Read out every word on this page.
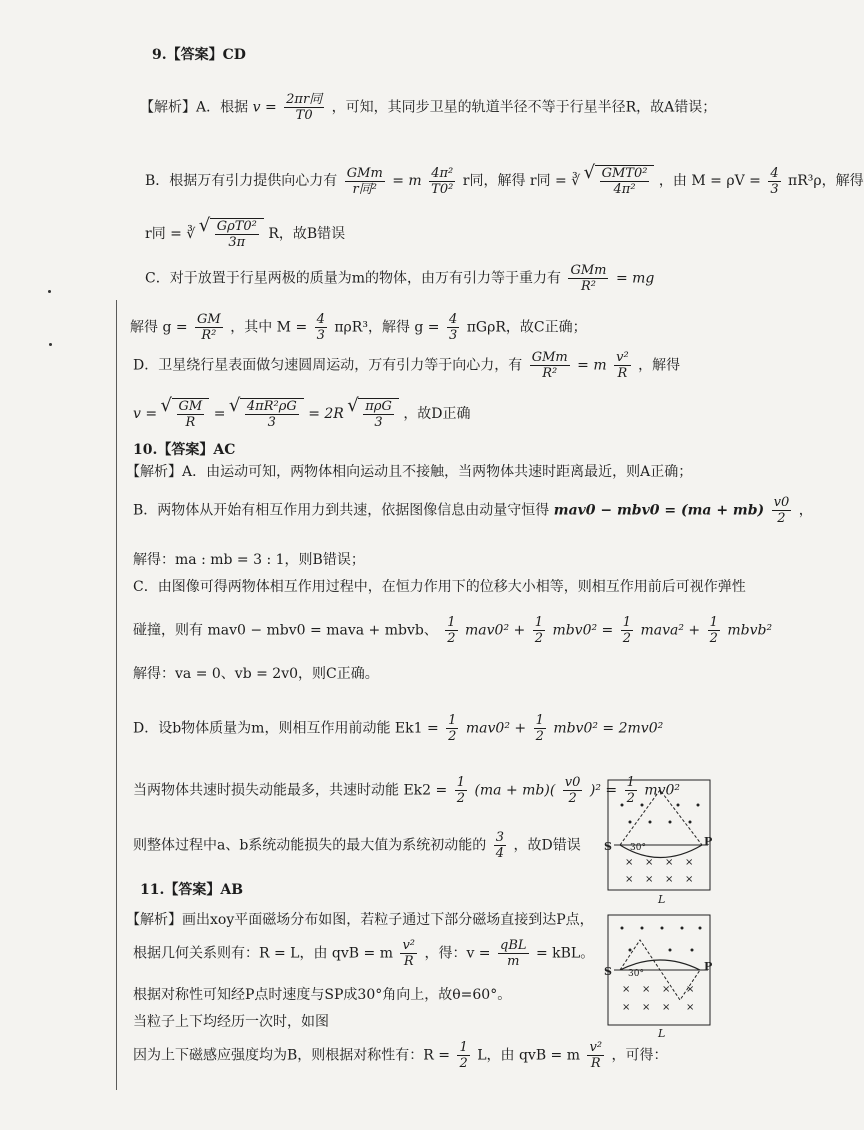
9.【答案】CD
【解析】A．根据 $v = \frac{\text{2πr同}}{T0}$ ，可知，其同步卫星的轨道半径不等于行星半径R，故A错误；
B．根据万有引力提供向心力有 $\frac{\text{GMm}}{\text{r同²}} = m \frac{\text{4π²}}{\text{T0²}}$ r同，解得 r同 = ∛ √ $\frac{\text{GMT0²}}{\text{4π²}}$ ，由 $M = \rho V = \frac{4}{3} \pi R^3\rho$，解得
r同 = ∛ √ $\frac{\text{GρT0²}}{3\pi}$ R，故B错误
C．对于放置于行星两极的质量为m的物体，由万有引力等于重力有 $\frac{\text{GMm}}{\text{R²}}$ = mg
解得 $g = \frac{GM}{\text{R²}}$ ，其中 $M = \frac{4}{3} \pi\rho R^3$，解得 $g = \frac{4}{3}$ πGρR，故C正确；
D．卫星绕行星表面做匀速圆周运动，万有引力等于向心力，有 $\frac{\text{GMm}}{\text{R²}} = m \frac{\text{v²}}{R}$ ，解得
v = √ $\frac{GM}{R}$ = √ $\frac{\text{4πR²ρG}}{3} = 2R$ √ $\frac{\text{πρG}}{3}$ ，故D正确
10.【答案】AC
【解析】A．由运动可知，两物体相向运动且不接触，当两物体共速时距离最近，则A正确；
B．两物体从开始有相互作用力到共速，依据图像信息由动量守恒得 $mav0 - mbv0 = (ma + mb) \frac{v0}{2}$ ，
解得：ma : mb = 3 : 1，则B错误；
C．由图像可得两物体相互作用过程中，在恒力作用下的位移大小相等，则相互作用前后可视作弹性
碰撞，则有 mav0 − mbv0 = mava + mbvb、 $\frac{1}{2} mav0^2 + \frac{1}{2} mbv0^2 = \frac{1}{2}$ mava² + $\frac{1}{2}$ mbvb²
解得：va = 0、vb = 2v0，则C正确。
D．设b物体质量为m，则相互作用前动能 $Ek1 = \frac{1}{2} mav0^2 + \frac{1}{2} mbv0^2 = 2mv0^2$
当两物体共速时损失动能最多，共速时动能 $Ek2 = \frac{1}{2} (ma + mb)( \frac{v0}{2} )^2 = \frac{1}{2} mv0^2$
则整体过程中a、b系统动能损失的最大值为系统初动能的 $\frac{3}{4}$ ，故D错误
11.【答案】AB
【解析】画出xoy平面磁场分布如图，若粒子通过下部分磁场直接到达P点，
根据几何关系则有：R = L，由 qvB = m $\frac{\text{v²}}{R}$ ，得：$v = \frac{\text{qBL}}{m}$ = kBL。
根据对称性可知经P点时速度与SP成30°角向上，故θ=60°。
当粒子上下均经历一次时，如图
因为上下磁感应强度均为B，则根据对称性有：$R = \frac{1}{2}$ L，由 qvB = m $\frac{\text{v²}}{R}$ ，可得：
× × × ×
× × × ×
S	P
30°
L
× × × ×
× × × ×
S	P
30°
L
